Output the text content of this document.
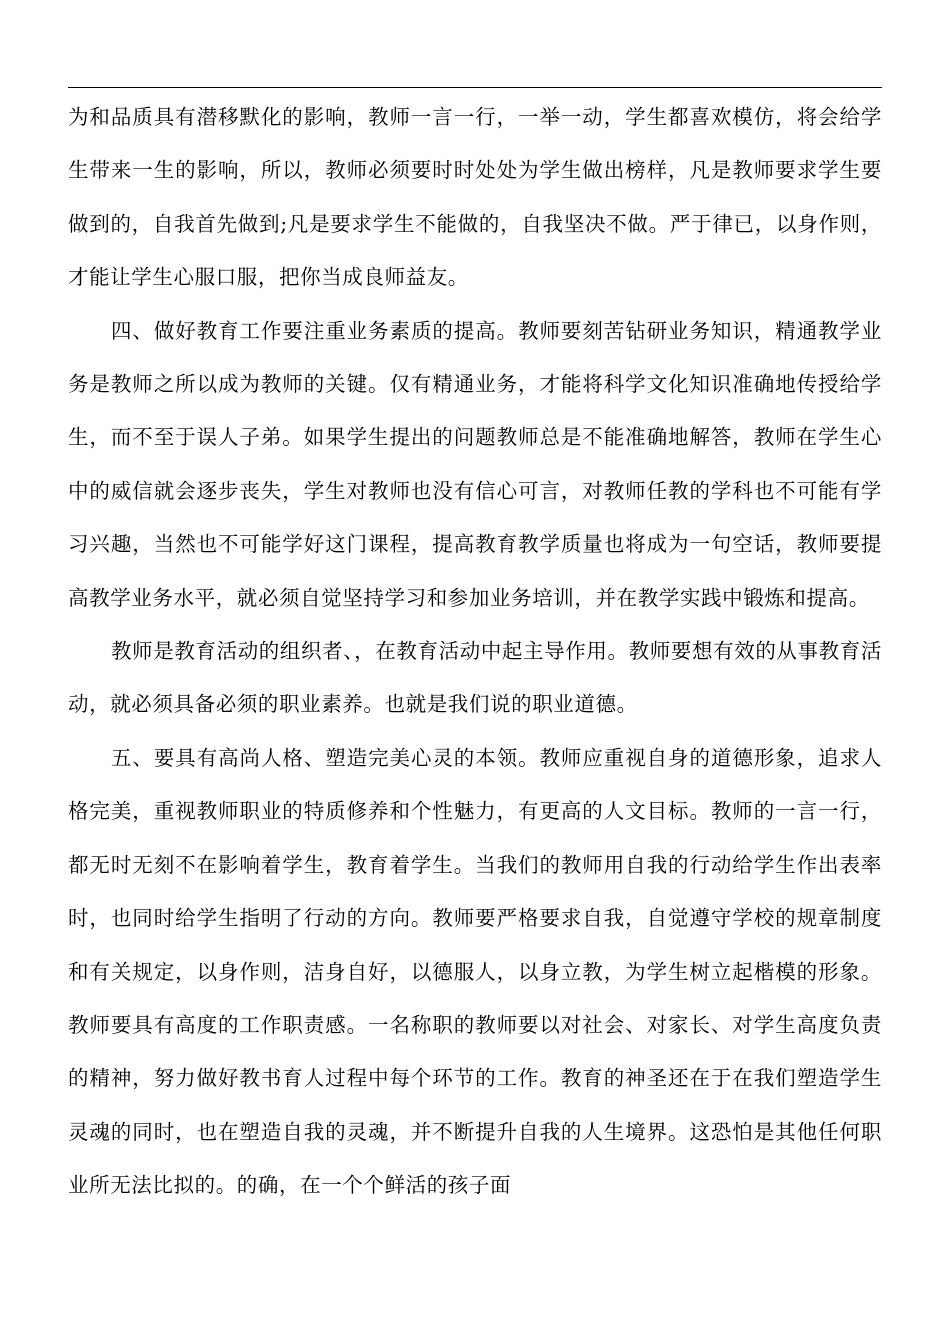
为和品质具有潜移默化的影响，教师一言一行，一举一动，学生都喜欢模仿，将会给学生带来一生的影响，所以，教师必须要时时处处为学生做出榜样，凡是教师要求学生要做到的，自我首先做到;凡是要求学生不能做的，自我坚决不做。严于律已，以身作则，才能让学生心服口服，把你当成良师益友。

四、做好教育工作要注重业务素质的提高。教师要刻苦钻研业务知识，精通教学业务是教师之所以成为教师的关键。仅有精通业务，才能将科学文化知识准确地传授给学生，而不至于误人子弟。如果学生提出的问题教师总是不能准确地解答，教师在学生心中的威信就会逐步丧失，学生对教师也没有信心可言，对教师任教的学科也不可能有学习兴趣，当然也不可能学好这门课程，提高教育教学质量也将成为一句空话，教师要提高教学业务水平，就必须自觉坚持学习和参加业务培训，并在教学实践中锻炼和提高。

教师是教育活动的组织者、，在教育活动中起主导作用。教师要想有效的从事教育活动，就必须具备必须的职业素养。也就是我们说的职业道德。

五、要具有高尚人格、塑造完美心灵的本领。教师应重视自身的道德形象，追求人格完美，重视教师职业的特质修养和个性魅力，有更高的人文目标。教师的一言一行，都无时无刻不在影响着学生，教育着学生。当我们的教师用自我的行动给学生作出表率时，也同时给学生指明了行动的方向。教师要严格要求自我，自觉遵守学校的规章制度和有关规定，以身作则，洁身自好，以德服人，以身立教，为学生树立起楷模的形象。教师要具有高度的工作职责感。一名称职的教师要以对社会、对家长、对学生高度负责的精神，努力做好教书育人过程中每个环节的工作。教育的神圣还在于在我们塑造学生灵魂的同时，也在塑造自我的灵魂，并不断提升自我的人生境界。这恐怕是其他任何职业所无法比拟的。的确，在一个个鲜活的孩子面
